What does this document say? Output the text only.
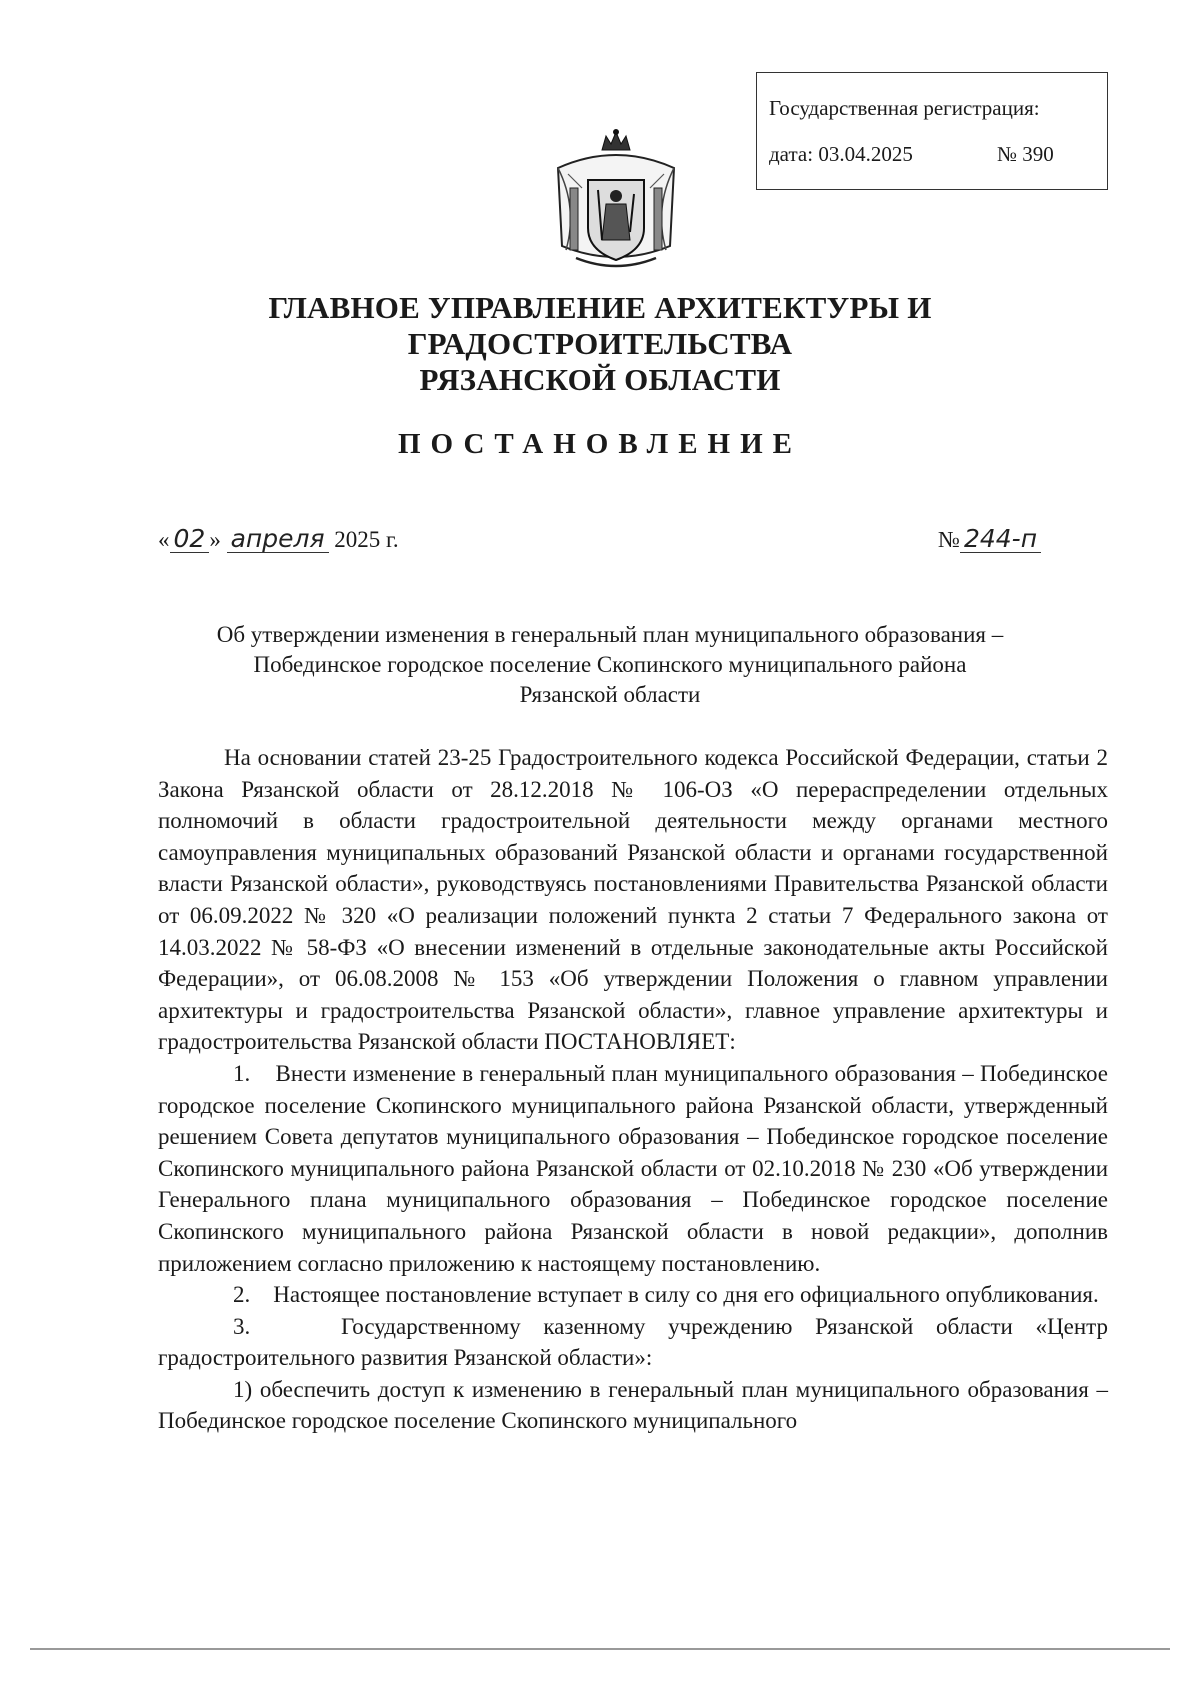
Государственная регистрация:
дата: 03.04.2025	№ 390
ГЛАВНОЕ УПРАВЛЕНИЕ АРХИТЕКТУРЫ И ГРАДОСТРОИТЕЛЬСТВА
РЯЗАНСКОЙ ОБЛАСТИ
ПОСТАНОВЛЕНИЕ
« 02 » апреля 2025 г.	№ 244-п
Об утверждении изменения в генеральный план муниципального образования –
Побединское городское поселение Скопинского муниципального района
Рязанской области

На основании статей 23-25 Градостроительного кодекса Российской Федерации, статьи 2 Закона Рязанской области от 28.12.2018 № 106-ОЗ «О перераспределении отдельных полномочий в области градостроительной деятельности между органами местного самоуправления муниципальных образований Рязанской области и органами государственной власти Рязанской области», руководствуясь постановлениями Правительства Рязанской области от 06.09.2022 № 320 «О реализации положений пункта 2 статьи 7 Федерального закона от 14.03.2022 № 58-ФЗ «О внесении изменений в отдельные законодательные акты Российской Федерации», от 06.08.2008 № 153 «Об утверждении Положения о главном управлении архитектуры и градостроительства Рязанской области», главное управление архитектуры и градостроительства Рязанской области ПОСТАНОВЛЯЕТ:

1.    Внести изменение в генеральный план муниципального образования – Побединское городское поселение Скопинского муниципального района Рязанской области, утвержденный решением Совета депутатов муниципального образования – Побединское городское поселение Скопинского муниципального района Рязанской области от 02.10.2018 № 230 «Об утверждении Генерального плана муниципального образования – Побединское городское поселение Скопинского муниципального района Рязанской области в новой редакции», дополнив приложением согласно приложению к настоящему постановлению.

2.    Настоящее постановление вступает в силу со дня его официального опубликования.

3.    Государственному казенному учреждению Рязанской области «Центр градостроительного развития Рязанской области»:

1) обеспечить доступ к изменению в генеральный план муниципального образования – Побединское городское поселение Скопинского муниципального
